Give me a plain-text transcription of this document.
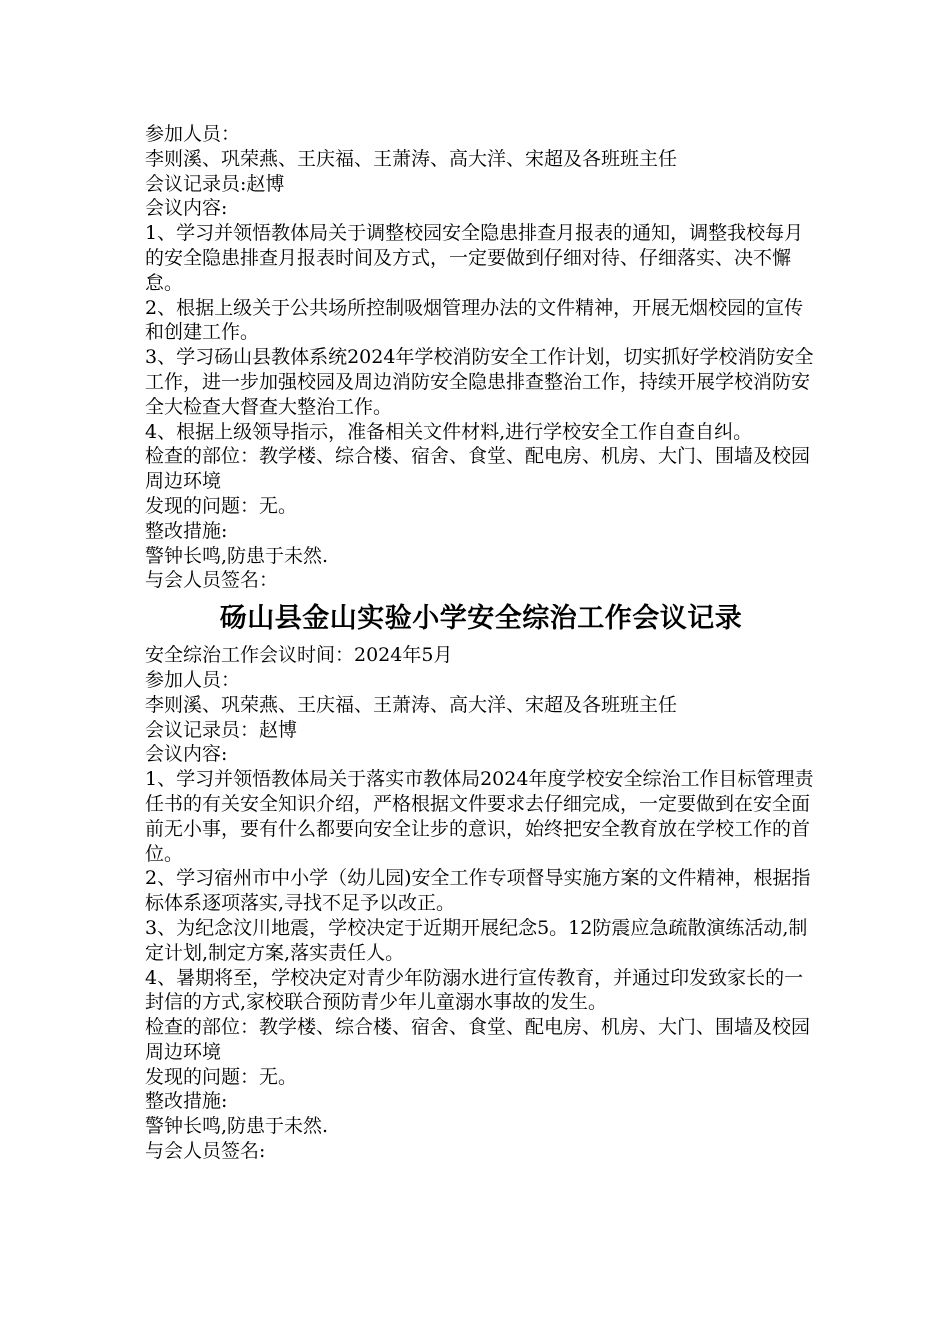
参加人员：

李则溪、巩荣燕、王庆福、王萧涛、高大洋、宋超及各班班主任

会议记录员:赵博

会议内容:

1、学习并领悟教体局关于调整校园安全隐患排查月报表的通知，调整我校每月的安全隐患排查月报表时间及方式，一定要做到仔细对待、仔细落实、决不懈怠。

2、根据上级关于公共场所控制吸烟管理办法的文件精神，开展无烟校园的宣传和创建工作。

3、学习砀山县教体系统2024年学校消防安全工作计划，切实抓好学校消防安全工作，进一步加强校园及周边消防安全隐患排查整治工作，持续开展学校消防安全大检查大督查大整治工作。

4、根据上级领导指示，准备相关文件材料,进行学校安全工作自查自纠。

检查的部位：教学楼、综合楼、宿舍、食堂、配电房、机房、大门、围墙及校园周边环境

发现的问题：无。

整改措施:

警钟长鸣,防患于未然.

与会人员签名：

砀山县金山实验小学安全综治工作会议记录

安全综治工作会议时间：2024年5月

参加人员：

李则溪、巩荣燕、王庆福、王萧涛、高大洋、宋超及各班班主任

会议记录员：赵博

会议内容:

1、学习并领悟教体局关于落实市教体局2024年度学校安全综治工作目标管理责任书的有关安全知识介绍，严格根据文件要求去仔细完成，一定要做到在安全面前无小事，要有什么都要向安全让步的意识，始终把安全教育放在学校工作的首位。

2、学习宿州市中小学（幼儿园)安全工作专项督导实施方案的文件精神，根据指标体系逐项落实,寻找不足予以改正。

3、为纪念汶川地震，学校决定于近期开展纪念5。12防震应急疏散演练活动,制定计划,制定方案,落实责任人。

4、暑期将至，学校决定对青少年防溺水进行宣传教育，并通过印发致家长的一封信的方式,家校联合预防青少年儿童溺水事故的发生。

检查的部位：教学楼、综合楼、宿舍、食堂、配电房、机房、大门、围墙及校园周边环境

发现的问题：无。

整改措施:

警钟长鸣,防患于未然.

与会人员签名:
